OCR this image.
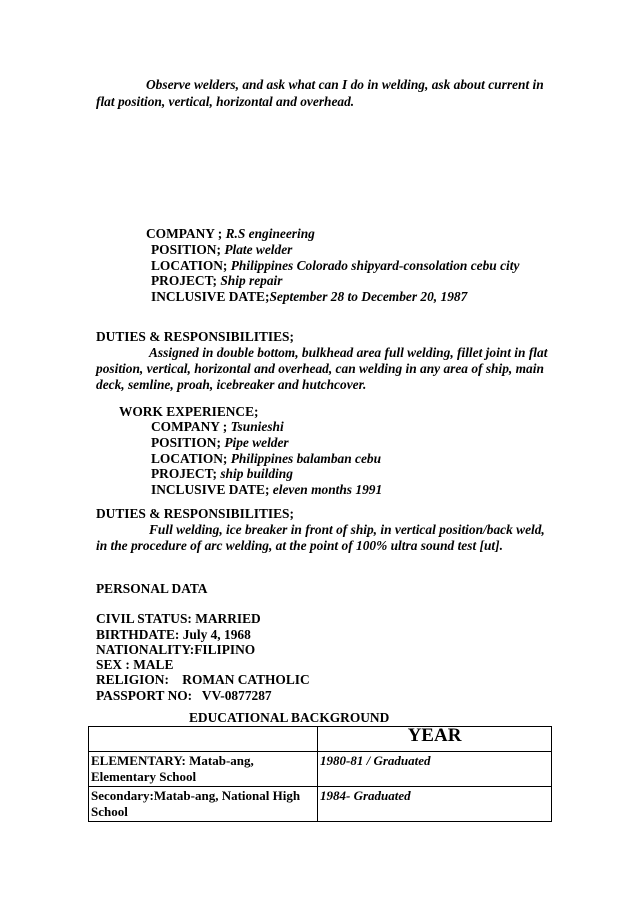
Observe welders, and ask what can I do in welding, ask about current in
flat position, vertical, horizontal and overhead.
COMPANY ; R.S engineering
POSITION; Plate welder
LOCATION; Philippines Colorado shipyard-consolation cebu city
PROJECT; Ship repair
INCLUSIVE DATE;September 28 to December 20, 1987
DUTIES & RESPONSIBILITIES;
Assigned in double bottom, bulkhead area full welding, fillet joint in flat
position, vertical, horizontal and overhead, can welding in any area of ship, main
deck, semline, proah, icebreaker and hutchcover.
WORK EXPERIENCE;
COMPANY ; Tsunieshi
POSITION; Pipe welder
LOCATION; Philippines balamban cebu
PROJECT; ship building
INCLUSIVE DATE; eleven months 1991
DUTIES & RESPONSIBILITIES;
Full welding, ice breaker in front of ship, in vertical position/back weld,
in the procedure of arc welding, at the point of 100% ultra sound test [ut].
PERSONAL DATA
CIVIL STATUS: MARRIED
BIRTHDATE: July 4, 1968
NATIONALITY:FILIPINO
SEX : MALE
RELIGION:    ROMAN CATHOLIC
PASSPORT NO:   VV-0877287
EDUCATIONAL BACKGROUND
	YEAR

ELEMENTARY: Matab-ang,
Elementary School	1980-81 / Graduated

Secondary:Matab-ang, National High
School	1984- Graduated
